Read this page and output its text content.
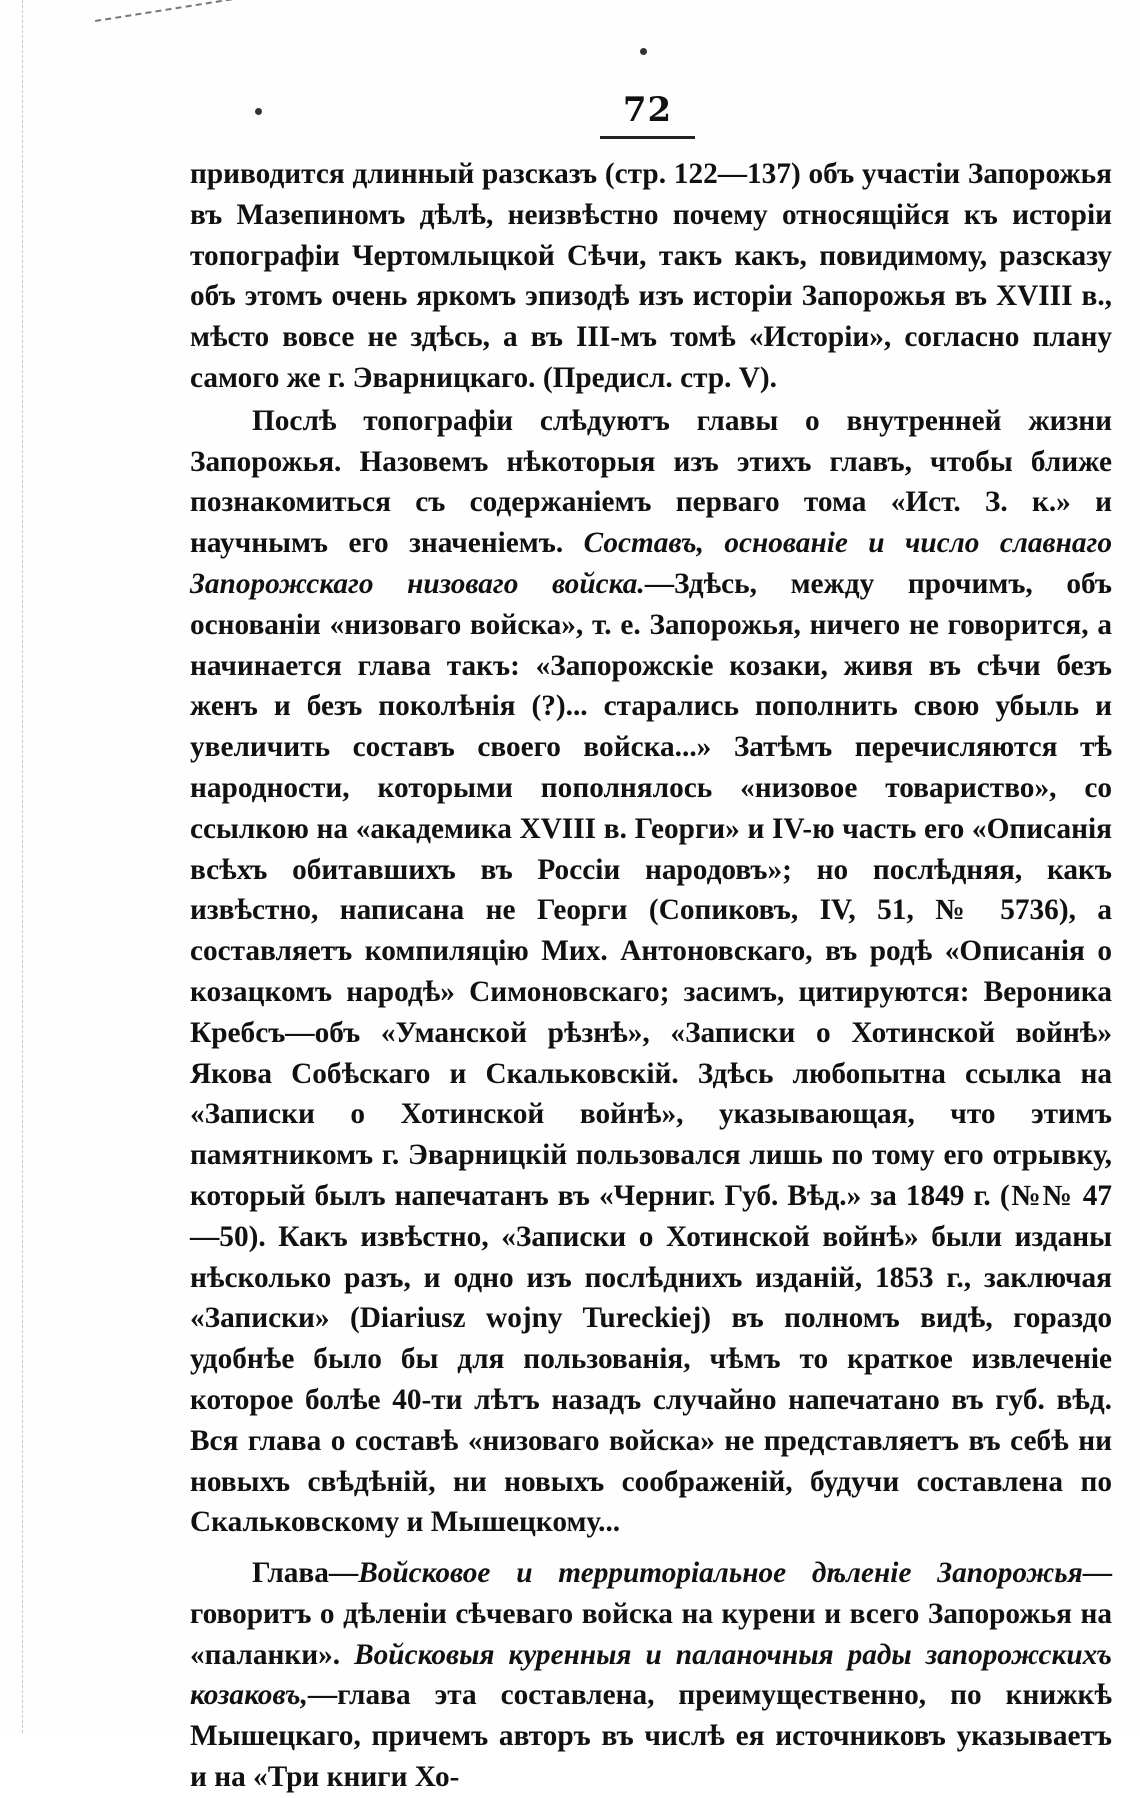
72

приводится длинный разсказъ (стр. 122—137) объ участіи Запорожья въ Мазепиномъ дѣлѣ, неизвѣстно почему относящійся къ исторіи топографіи Чертомлыцкой Сѣчи, такъ какъ, повидимому, разсказу объ этомъ очень яркомъ эпизодѣ изъ исторіи Запорожья въ XVIII в., мѣсто вовсе не здѣсь, а въ III-мъ томѣ «Исторіи», согласно плану самого же г. Эварницкаго. (Предисл. стр. V).

Послѣ топографіи слѣдуютъ главы о внутренней жизни Запорожья. Назовемъ нѣкоторыя изъ этихъ главъ, чтобы ближе познакомиться съ содержаніемъ перваго тома «Ист. З. к.» и научнымъ его значеніемъ. Составъ, основаніе и число славнаго Запорожскаго низоваго войска.—Здѣсь, между прочимъ, объ основаніи «низоваго войска», т. е. Запорожья, ничего не говорится, а начинается глава такъ: «Запорожскіе козаки, живя въ сѣчи безъ женъ и безъ поколѣнія (?)... старались пополнить свою убыль и увеличить составъ своего войска...» Затѣмъ перечисляются тѣ народности, которыми пополнялось «низовое товариство», со ссылкою на «академика XVIII в. Георги» и IV-ю часть его «Описанія всѣхъ обитавшихъ въ Россіи народовъ»; но послѣдняя, какъ извѣстно, написана не Георги (Сопиковъ, IV, 51, № 5736), а составляетъ компиляцію Мих. Антоновскаго, въ родѣ «Описанія о козацкомъ народѣ» Симоновскаго; засимъ, цитируются: Вероника Кребсъ—объ «Уманской рѣзнѣ», «Записки о Хотинской войнѣ» Якова Собѣскаго и Скальковскій. Здѣсь любопытна ссылка на «Записки о Хотинской войнѣ», указывающая, что этимъ памятникомъ г. Эварницкій пользовался лишь по тому его отрывку, который былъ напечатанъ въ «Черниг. Губ. Вѣд.» за 1849 г. (№№ 47—50). Какъ извѣстно, «Записки о Хотинской войнѣ» были изданы нѣсколько разъ, и одно изъ послѣднихъ изданій, 1853 г., заключая «Записки» (Diariusz wojny Tureckiej) въ полномъ видѣ, гораздо удобнѣе было бы для пользованія, чѣмъ то краткое извлеченіе которое болѣе 40-ти лѣтъ назадъ случайно напечатано въ губ. вѣд. Вся глава о составѣ «низоваго войска» не представляетъ въ себѣ ни новыхъ свѣдѣній, ни новыхъ соображеній, будучи составлена по Скальковскому и Мышецкому...

Глава—Войсковое и территоріальное дѣленіе Запорожья—говоритъ о дѣленіи сѣчеваго войска на курени и всего Запорожья на «паланки». Войсковыя куренныя и паланочныя рады запорожскихъ козаковъ,—глава эта составлена, преимущественно, по книжкѣ Мышецкаго, причемъ авторъ въ числѣ ея источниковъ указываетъ и на «Три книги Хо-
